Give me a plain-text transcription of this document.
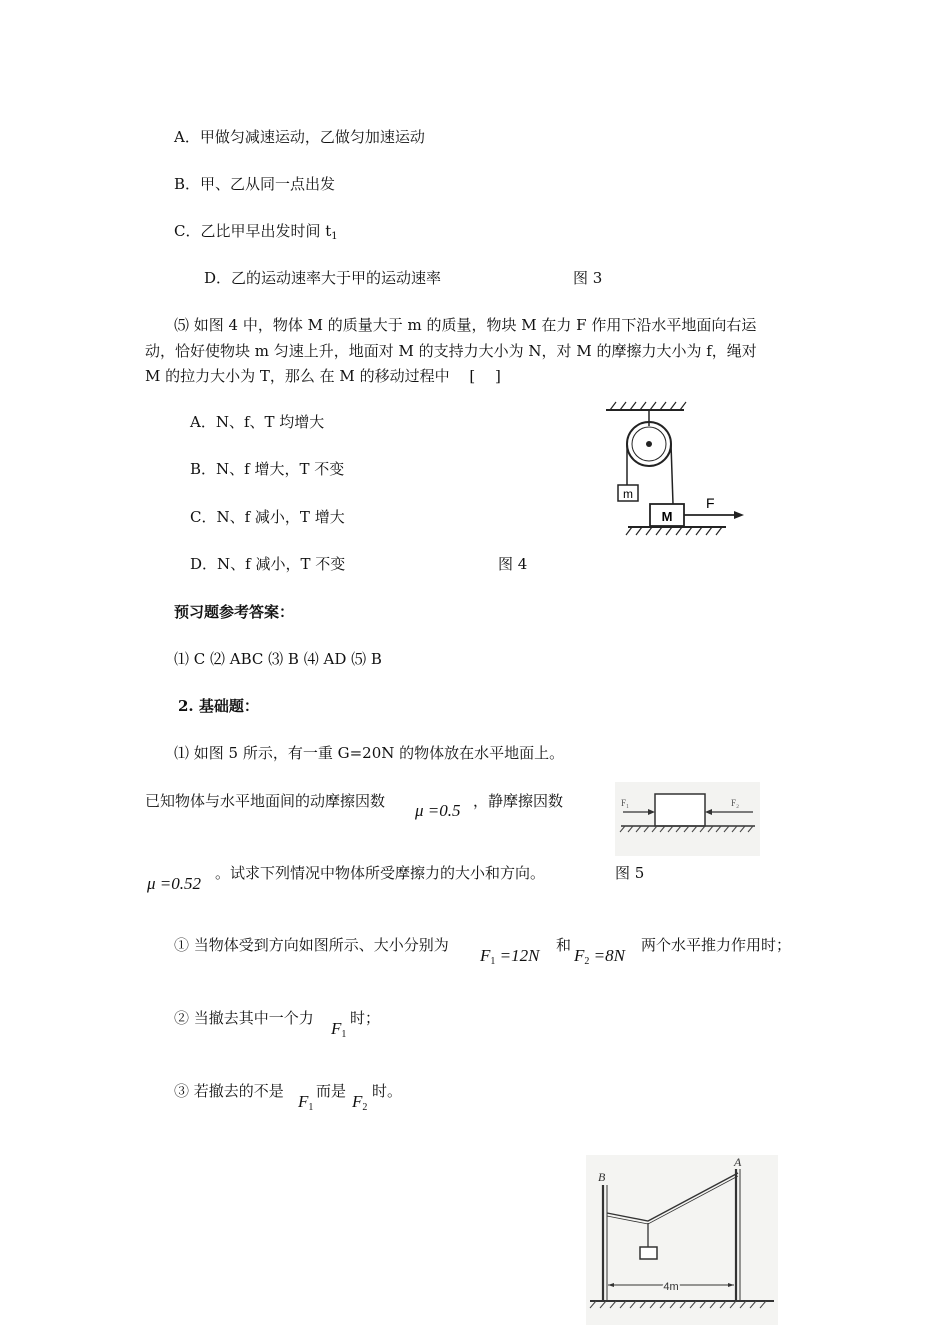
A．甲做匀减速运动，乙做匀加速运动
B．甲、乙从同一点出发
C．乙比甲早出发时间 $t_1$
D．乙的运动速率大于甲的运动速率	图 3
⑸ 如图 4 中，物体 M 的质量大于 m 的质量，物块 M 在力 F 作用下沿水平地面向右运
动，恰好使物块 m 匀速上升，地面对 M 的支持力大小为 N，对 M 的摩擦力大小为 f，绳对
M 的拉力大小为 T，那么 在 M 的移动过程中　 [　 ]
A．N、f、T 均增大
B．N、f 增大，T 不变
C．N、f 减小，T 增大
D．N、f 减小，T 不变	图 4
m
M
F
预习题参考答案：
⑴ C ⑵ ABC ⑶ B ⑷ AD ⑸ B
2. 基础题：
⑴ 如图 5 所示，有一重 G=20N 的物体放在水平地面上。
已知物体与水平地面间的动摩擦因数 μ =0.5 ，静摩擦因数
μ =0.52
。试求下列情况中物体所受摩擦力的大小和方向。	图 5
F₁	F₂
① 当物体受到方向如图所示、大小分别为
$F_1 =12N$
和
$F_2 =8N$
两个水平推力作用时；
② 当撤去其中一个力
$F_1$
时；
③ 若撤去的不是
$F_1$
而是
$F_2$
时。
B
A
4m
